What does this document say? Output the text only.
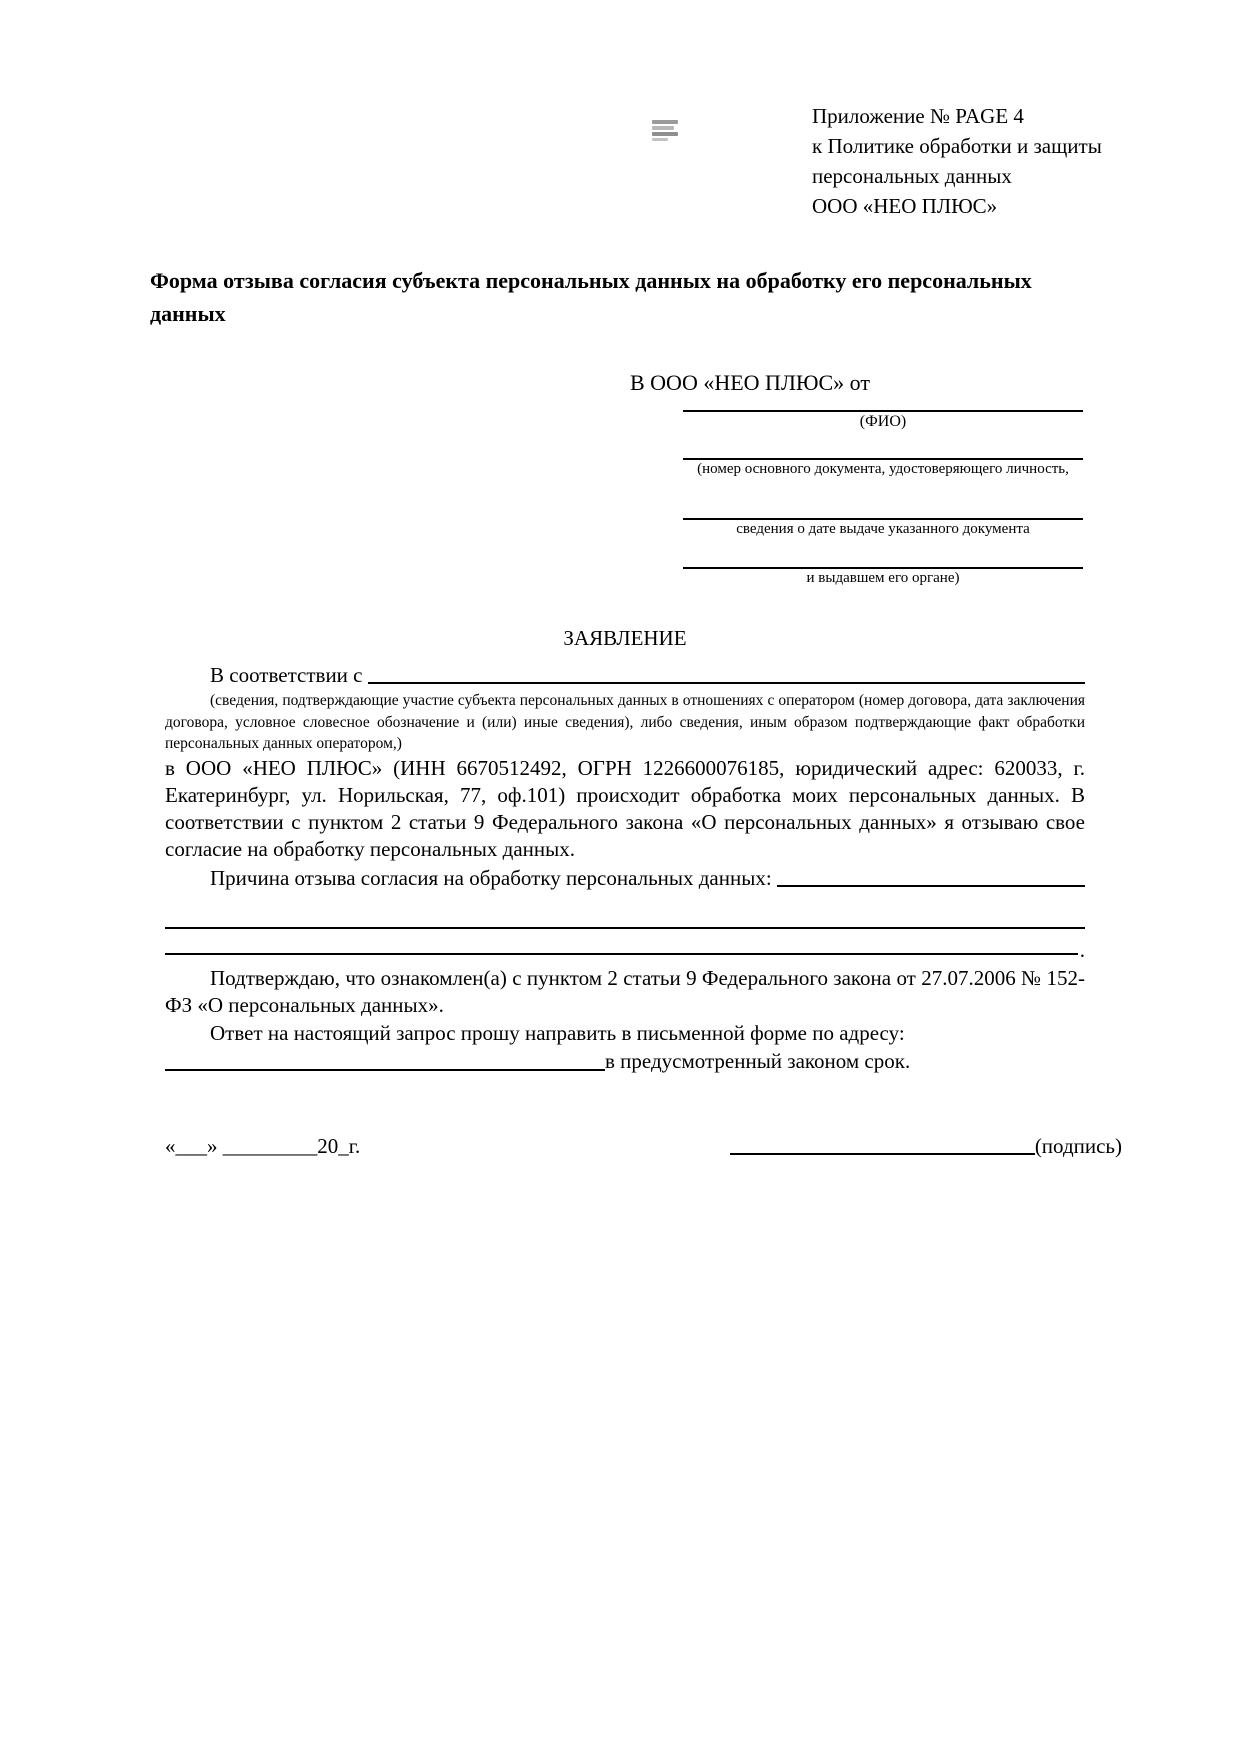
Приложение № PAGE 4
к Политике обработки и защиты
персональных данных
ООО «НЕО ПЛЮС»
Форма отзыва согласия субъекта персональных данных на обработку его персональных данных
В ООО «НЕО ПЛЮС» от
(ФИО)
(номер основного документа, удостоверяющего личность,
сведения о дате выдаче указанного документа
и выдавшем его органе)
ЗАЯВЛЕНИЕ
В соответствии с
(сведения, подтверждающие участие субъекта персональных данных в отношениях с оператором (номер договора, дата заключения договора, условное словесное обозначение и (или) иные сведения), либо сведения, иным образом подтверждающие факт обработки персональных данных оператором,)
в ООО «НЕО ПЛЮС» (ИНН 6670512492, ОГРН 1226600076185, юридический адрес: 620033, г. Екатеринбург, ул. Норильская, 77, оф.101) происходит обработка моих персональных данных. В соответствии с пунктом 2 статьи 9 Федерального закона «О персональных данных» я отзываю свое согласие на обработку персональных данных.
Причина отзыва согласия на обработку персональных данных:
.
Подтверждаю, что ознакомлен(а) с пунктом 2 статьи 9 Федерального закона от 27.07.2006 № 152-ФЗ «О персональных данных».
Ответ на настоящий запрос прошу направить в письменной форме по адресу:
в предусмотренный законом срок.
«___» _________20_г.	(подпись)
